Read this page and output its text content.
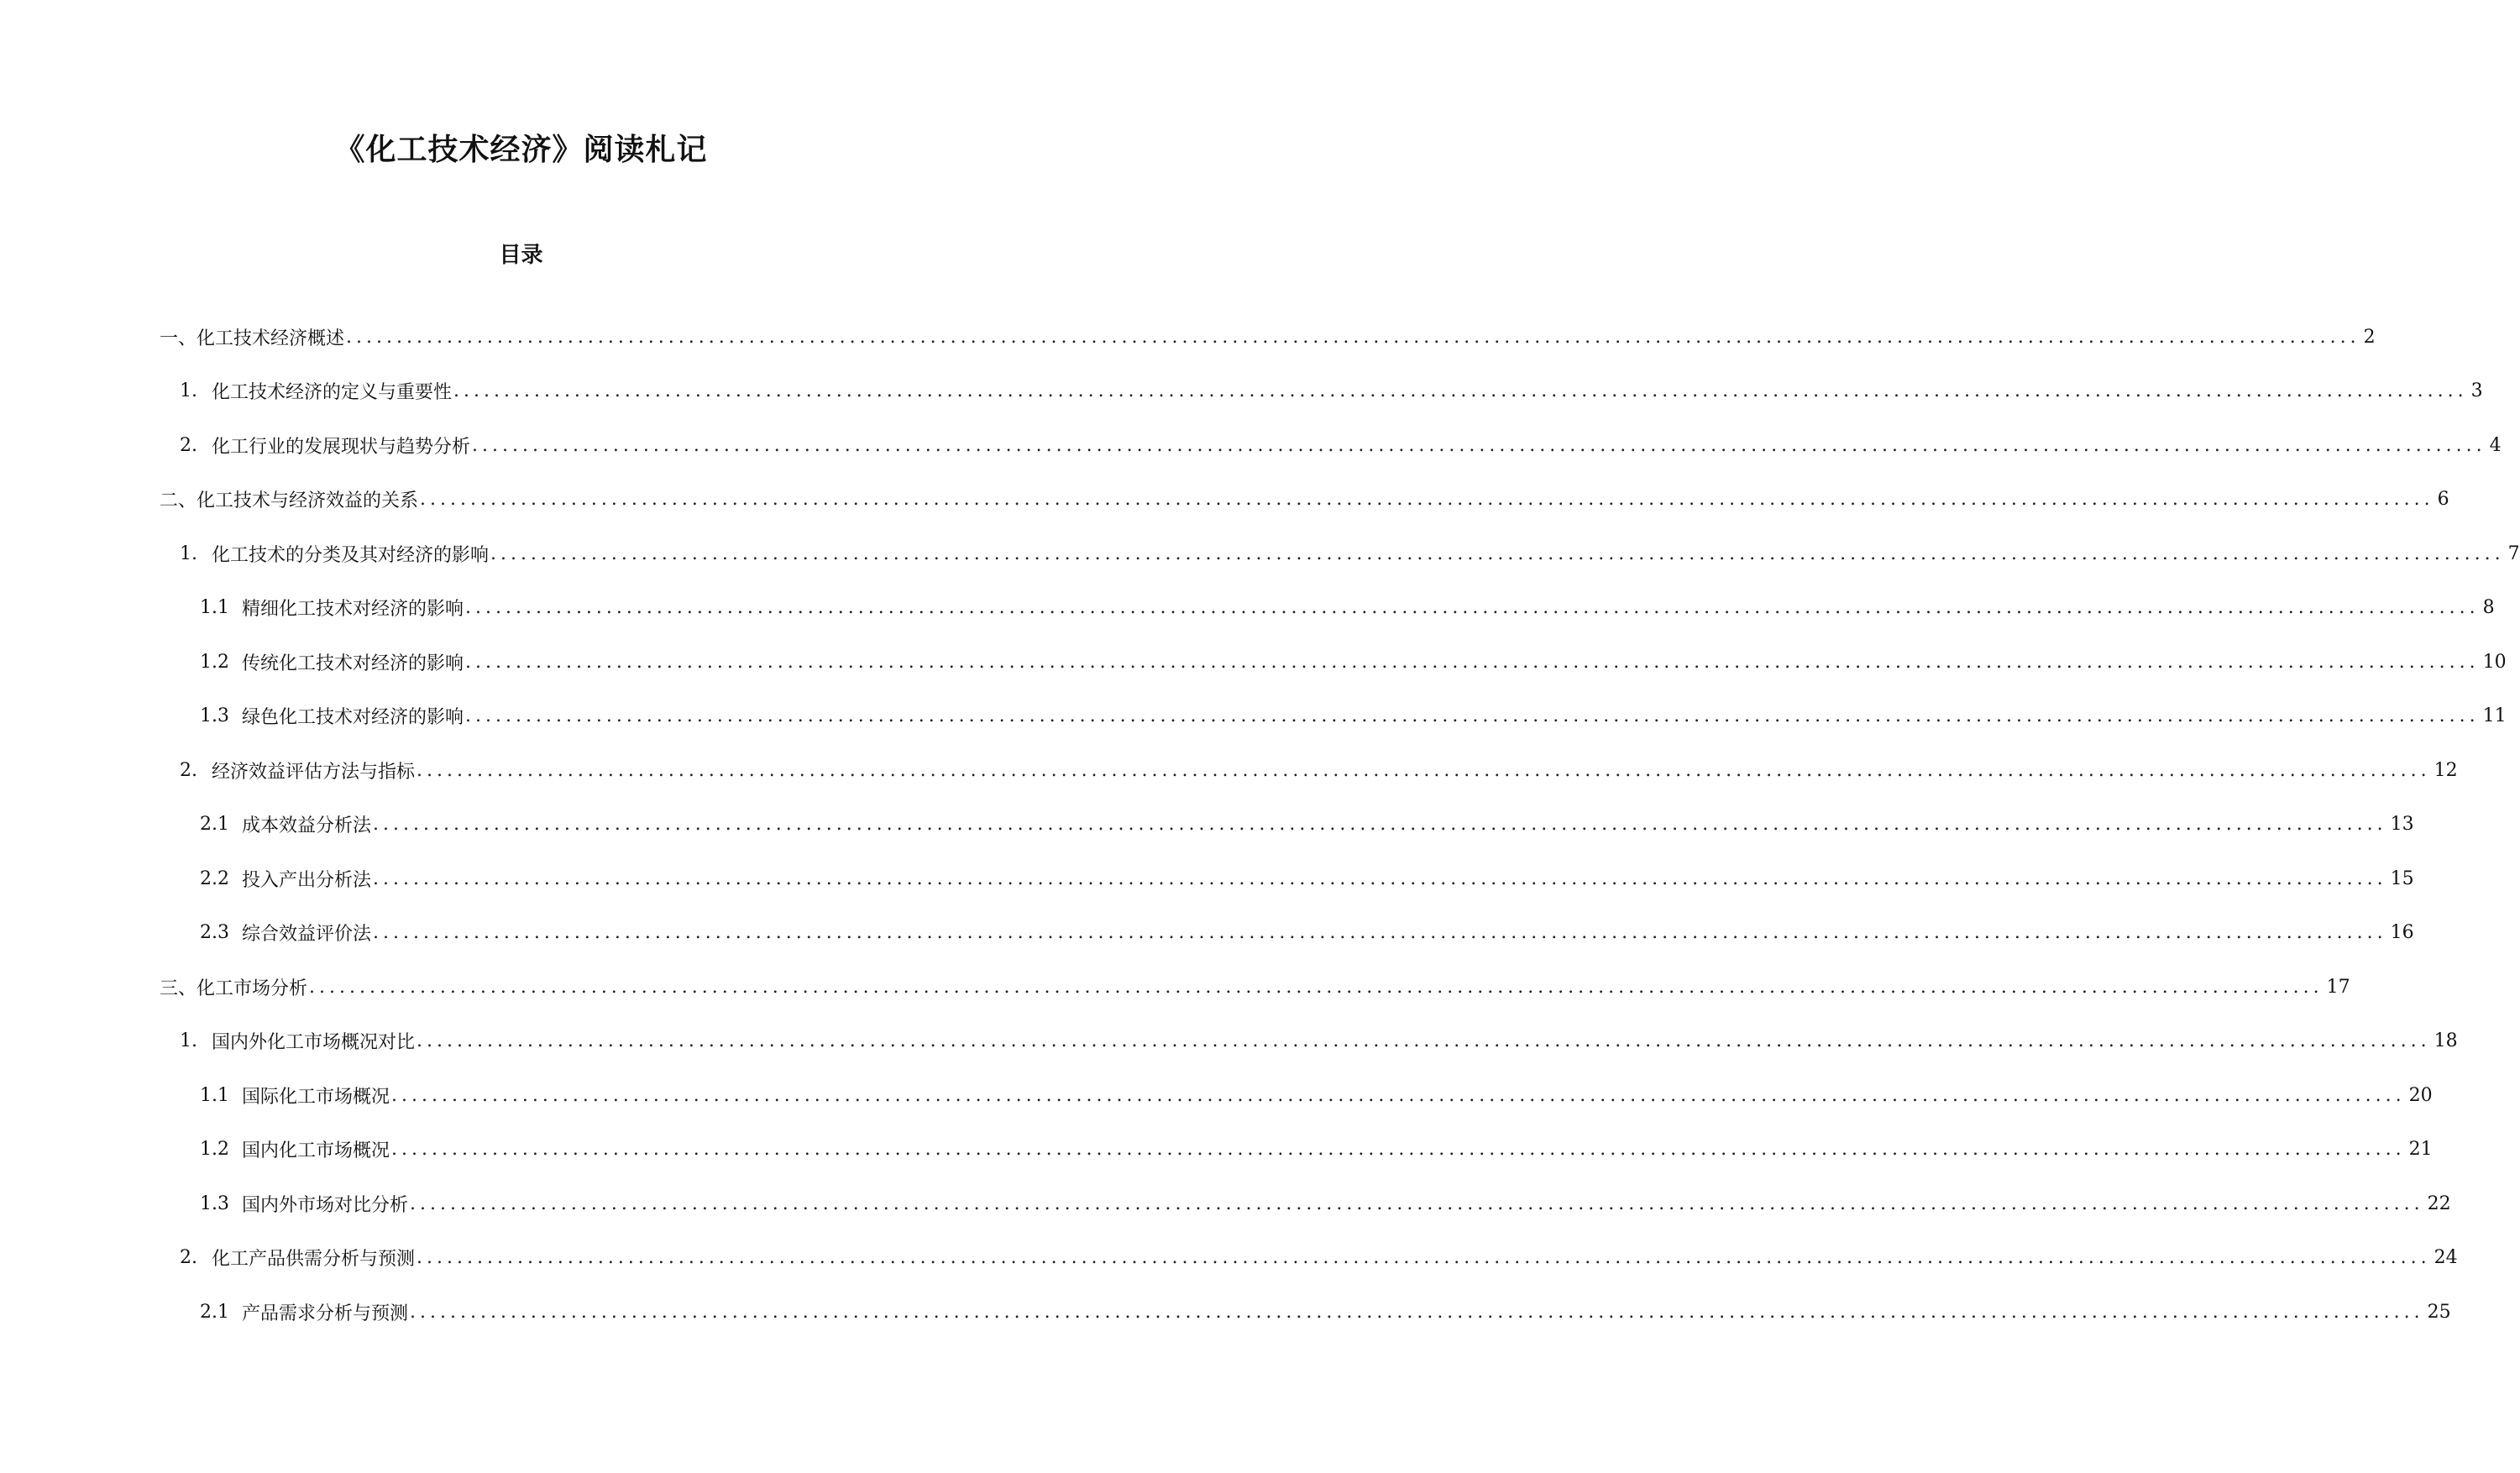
《化工技术经济》阅读札记
目录
一、化工技术经济概述 ........................................................................................................................................................................................................ 2
1. 化工技术经济的定义与重要性 ........................................................................................................................................................................................................ 3
2. 化工行业的发展现状与趋势分析 ........................................................................................................................................................................................................ 4
二、化工技术与经济效益的关系 ........................................................................................................................................................................................................ 6
1. 化工技术的分类及其对经济的影响 ........................................................................................................................................................................................................ 7
1.1 精细化工技术对经济的影响 ........................................................................................................................................................................................................ 8
1.2 传统化工技术对经济的影响 ........................................................................................................................................................................................................ 10
1.3 绿色化工技术对经济的影响 ........................................................................................................................................................................................................ 11
2. 经济效益评估方法与指标 ........................................................................................................................................................................................................ 12
2.1 成本效益分析法 ........................................................................................................................................................................................................ 13
2.2 投入产出分析法 ........................................................................................................................................................................................................ 15
2.3 综合效益评价法 ........................................................................................................................................................................................................ 16
三、化工市场分析 ........................................................................................................................................................................................................ 17
1. 国内外化工市场概况对比 ........................................................................................................................................................................................................ 18
1.1 国际化工市场概况 ........................................................................................................................................................................................................ 20
1.2 国内化工市场概况 ........................................................................................................................................................................................................ 21
1.3 国内外市场对比分析 ........................................................................................................................................................................................................ 22
2. 化工产品供需分析与预测 ........................................................................................................................................................................................................ 24
2.1 产品需求分析与预测 ........................................................................................................................................................................................................ 25
